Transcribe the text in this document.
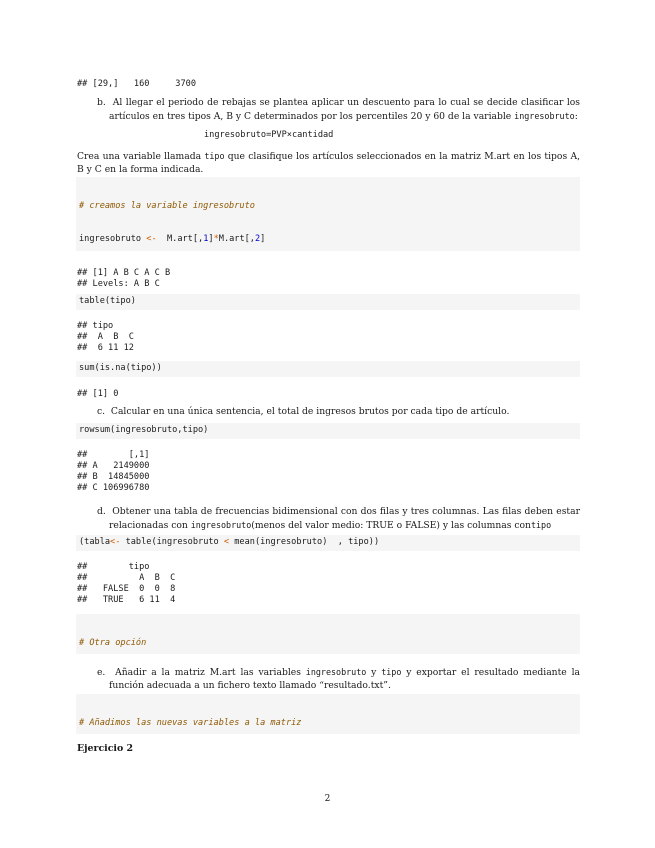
## [29,]   160     3700
b. Al llegar el periodo de rebajas se plantea aplicar un descuento para lo cual se decide clasificar los artículos en tres tipos A, B y C determinados por los percentiles 20 y 60 de la variable ingresobruto:
ingresobruto=PVP×cantidad
Crea una variable llamada tipo que clasifique los artículos seleccionados en la matriz M.art en los tipos A, B y C en la forma indicada.

# creamos la variable ingresobruto

ingresobruto <-  M.art[,1]*M.art[,2]

## [1] A B C A C B
## Levels: A B C
table(tipo)
## tipo
##  A  B  C
##  6 11 12
sum(is.na(tipo))
## [1] 0
c. Calcular en una única sentencia, el total de ingresos brutos por cada tipo de artículo.
rowsum(ingresobruto,tipo)
##        [,1]
## A   2149000
## B  14845000
## C 106996780
d. Obtener una tabla de frecuencias bidimensional con dos filas y tres columnas. Las filas deben estar relacionadas con ingresobruto(menos del valor medio: TRUE o FALSE) y las columnas contipo
(tabla<- table(ingresobruto < mean(ingresobruto)  , tipo))
##        tipo
##          A  B  C
##   FALSE  0  0  8
##   TRUE   6 11  4

# Otra opción

e. Añadir a la matriz M.art las variables ingresobruto y tipo y exportar el resultado mediante la función adecuada a un fichero texto llamado “resultado.txt”.

# Añadimos las nuevas variables a la matriz

Ejercicio 2
2
